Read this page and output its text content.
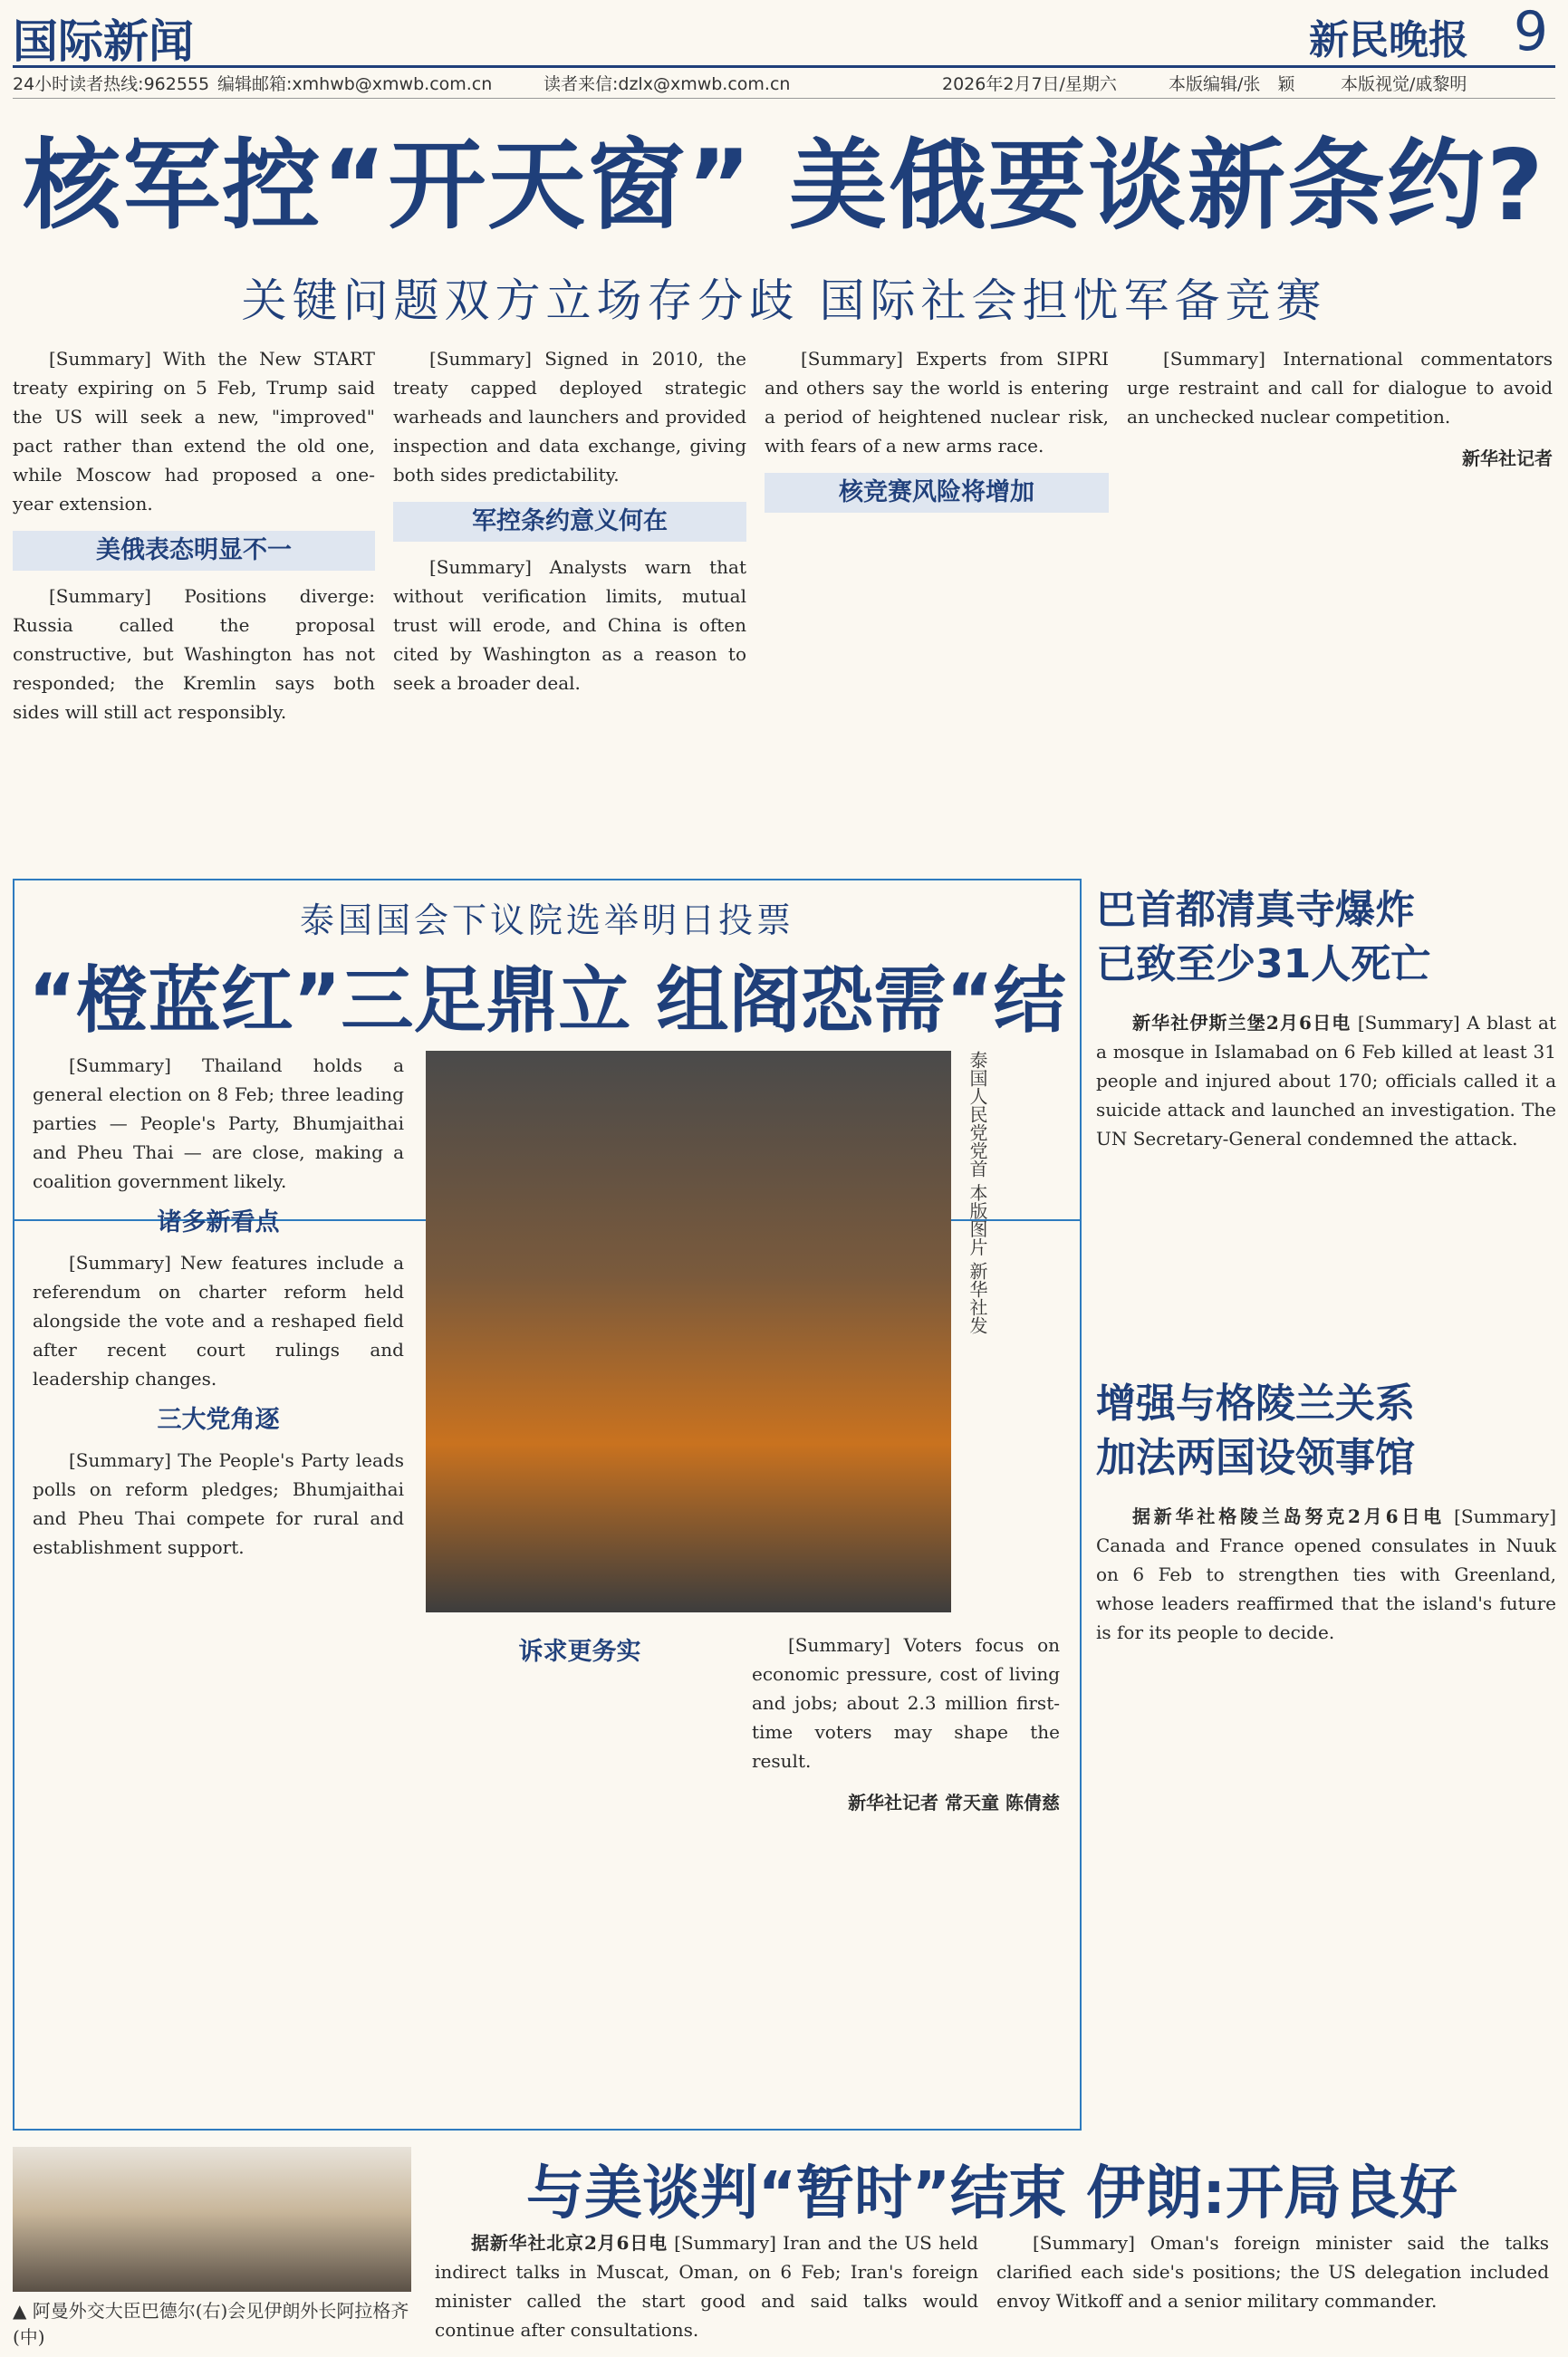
国际新闻	新民晚报 9
24小时读者热线:962555 编辑邮箱:xmhwb@xmwb.com.cn	读者来信:dzlx@xmwb.com.cn	2026年2月7日/星期六	本版编辑/张　颖	本版视觉/戚黎明
核军控“开天窗” 美俄要谈新条约?
关键问题双方立场存分歧 国际社会担忧军备竞赛

[Summary] With the New START treaty expiring on 5 Feb, Trump said the US will seek a new, "improved" pact rather than extend the old one, while Moscow had proposed a one-year extension.

美俄表态明显不一

[Summary] Positions diverge: Russia called the proposal constructive, but Washington has not responded; the Kremlin says both sides will still act responsibly.

[Summary] Signed in 2010, the treaty capped deployed strategic warheads and launchers and provided inspection and data exchange, giving both sides predictability.

军控条约意义何在

[Summary] Analysts warn that without verification limits, mutual trust will erode, and China is often cited by Washington as a reason to seek a broader deal.

[Summary] Experts from SIPRI and others say the world is entering a period of heightened nuclear risk, with fears of a new arms race.

核竞赛风险将增加

[Summary] International commentators urge restraint and call for dialogue to avoid an unchecked nuclear competition.

新华社记者
泰国国会下议院选举明日投票
“橙蓝红”三足鼎立 组阁恐需“结

[Summary] Thailand holds a general election on 8 Feb; three leading parties — People's Party, Bhumjaithai and Pheu Thai — are close, making a coalition government likely.

诸多新看点

[Summary] New features include a referendum on charter reform held alongside the vote and a reshaped field after recent court rulings and leadership changes.

三大党角逐

[Summary] The People's Party leads polls on reform pledges; Bhumjaithai and Pheu Thai compete for rural and establishment support.

泰国人民党党首 本版图片 新华社发
诉求更务实	[Summary] Voters focus on economic pressure, cost of living and jobs; about 2.3 million first-time voters may shape the result.

新华社记者 常天童 陈倩慈
巴首都清真寺爆炸
已致至少31人死亡

新华社伊斯兰堡2月6日电 [Summary] A blast at a mosque in Islamabad on 6 Feb killed at least 31 people and injured about 170; officials called it a suicide attack and launched an investigation. The UN Secretary-General condemned the attack.

增强与格陵兰关系
加法两国设领事馆

据新华社格陵兰岛努克2月6日电 [Summary] Canada and France opened consulates in Nuuk on 6 Feb to strengthen ties with Greenland, whose leaders reaffirmed that the island's future is for its people to decide.

▲ 阿曼外交大臣巴德尔(右)会见伊朗外长阿拉格齐(中)
与美谈判“暂时”结束 伊朗:开局良好

据新华社北京2月6日电 [Summary] Iran and the US held indirect talks in Muscat, Oman, on 6 Feb; Iran's foreign minister called the start good and said talks would continue after consultations.

[Summary] Oman's foreign minister said the talks clarified each side's positions; the US delegation included envoy Witkoff and a senior military commander.
